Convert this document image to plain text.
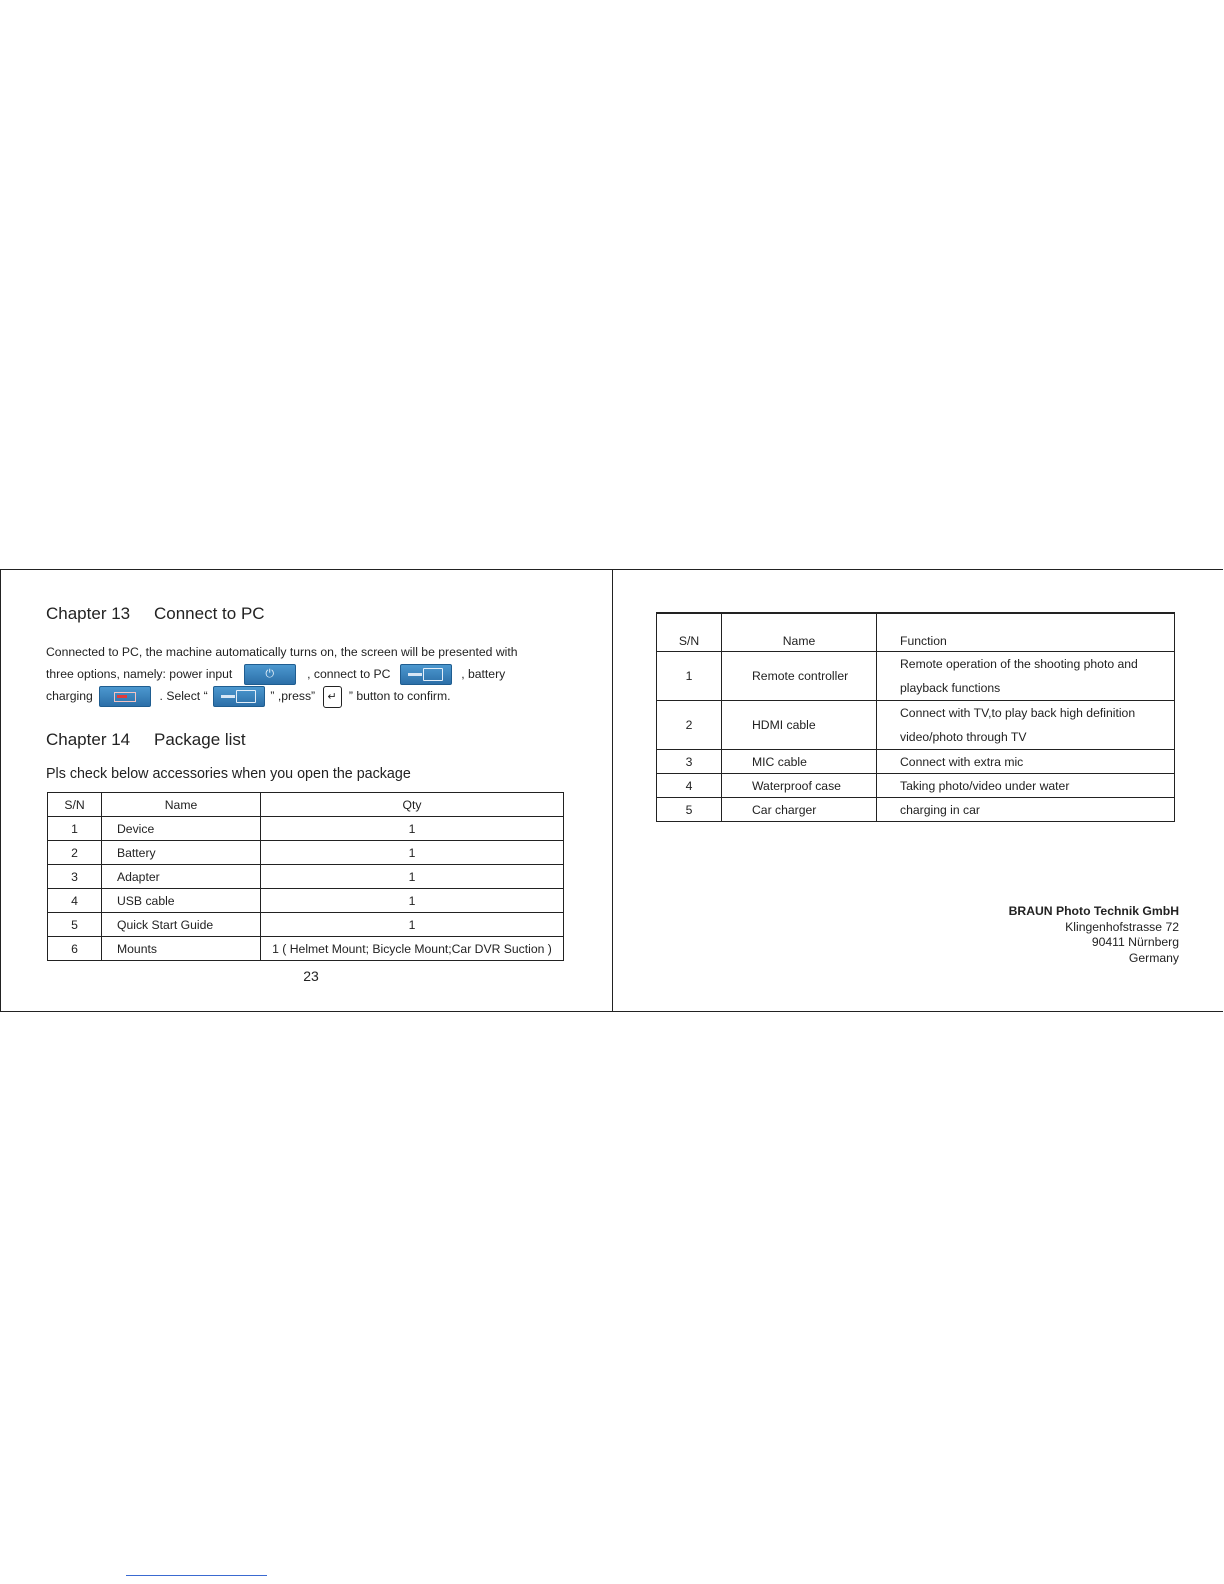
Chapter 13 Connect to PC
Connected to PC, the machine automatically turns on, the screen will be presented with
three options, namely: power input	⏻	, connect to PC	, battery
charging	. Select “	” ,press” ↵ ” button to confirm.
Chapter 14 Package list
Pls check below accessories when you open the package
S/N	Name	Qty
1	Device	1
2	Battery	1
3	Adapter	1
4	USB cable	1
5	Quick Start Guide	1
6	Mounts	1 ( Helmet Mount; Bicycle Mount;Car DVR Suction )
23
S/N	Name	Function
1	Remote controller	Remote operation of the shooting photo and
playback functions

2	HDMI cable	Connect with TV,to play back high definition
video/photo through TV

3	MIC cable	Connect with extra mic
4	Waterproof case	Taking photo/video under water
5	Car charger	charging in car
BRAUN Photo Technik GmbH
Klingenhofstrasse 72
90411 Nürnberg
Germany
